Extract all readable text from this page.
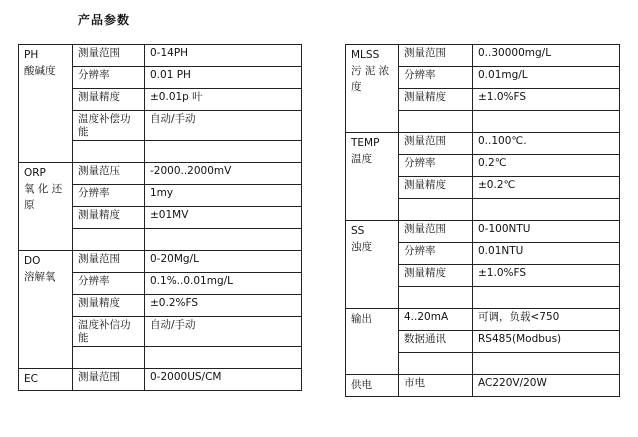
产品参数
PH
酸碱度	测量范围	0-14PH
	分辨率	0.01 PH
	测量精度	±0.01p 叶
	温度补偿功能	自动/手动

ORP
氧 化 还
原	测量范压	-2000..2000mV
	分辨率	1my
	测量精度	±01MV

DO
溶解氧	测量范围	0-20Mg/L
	分辨率	0.1%..0.01mg/L
	测量精度	±0.2%FS
	温度补信功能	自动/手动

EC	测量范围	0-2000US/CM
MLSS
污 泥 浓
度	测量范围	0..30000mg/L
	分辨率	0.01mg/L
	测量精度	±1.0%FS

TEMP
温度	测量范围	0..100℃.
	分辨率	0.2℃
	测量精度	±0.2℃

SS
浊度	测量范围	0-100NTU
	分辨率	0.01NTU
	测量精度	±1.0%FS

输出	4..20mA	可调，负载<750
	数据通讯	RS485(Modbus)

供电	市电	AC220V/20W
